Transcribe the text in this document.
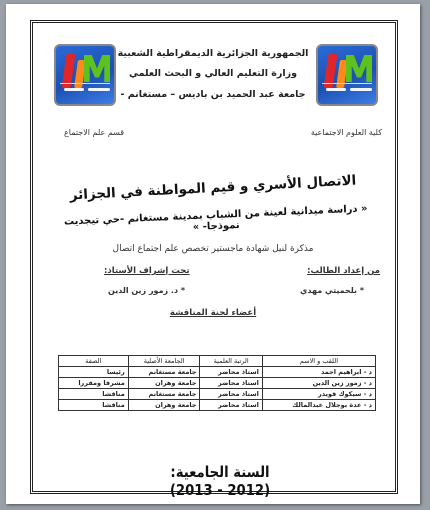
الجمهورية الجزائرية الديمقراطية الشعبية
وزارة التعليم العالي و البحث العلمي
جامعة عبد الحميد بن باديس – مستغانم -
كلية العلوم الاجتماعية
قسم علم الاجتماع
الاتصال الأسري و قيم المواطنة في الجزائر
« دراسة ميدانية لعينة من الشباب بمدينة مستغانم -حي تيجديت نموذجا- »
مذكرة لنيل شهادة ماجستير تخصص علم اجتماع اتصال
من إعداد الطالب:
تحت إشراف الأستاذ:
* بلحميتي مهدي
* د. زمور زين الدين
أعضاء لجنة المناقشة
اللقب و الاسم	الرتبة العلمية	الجامعة الأصلية	الصفة
د - ابراهيم احمد	استاذ محاضر	جامعة مستغانم	رئيسا
د - زمور زين الدين	استاذ محاضر	جامعة وهران	مشرفا ومقررا
د - سيكوك قويدر	استاذ محاضر	جامعة مستغانم	مناقشا
د - عدة بوجلال عبدالمالك	استاذ محاضر	جامعة وهران	مناقشا
السنة الجامعية: (2012 - 2013)
